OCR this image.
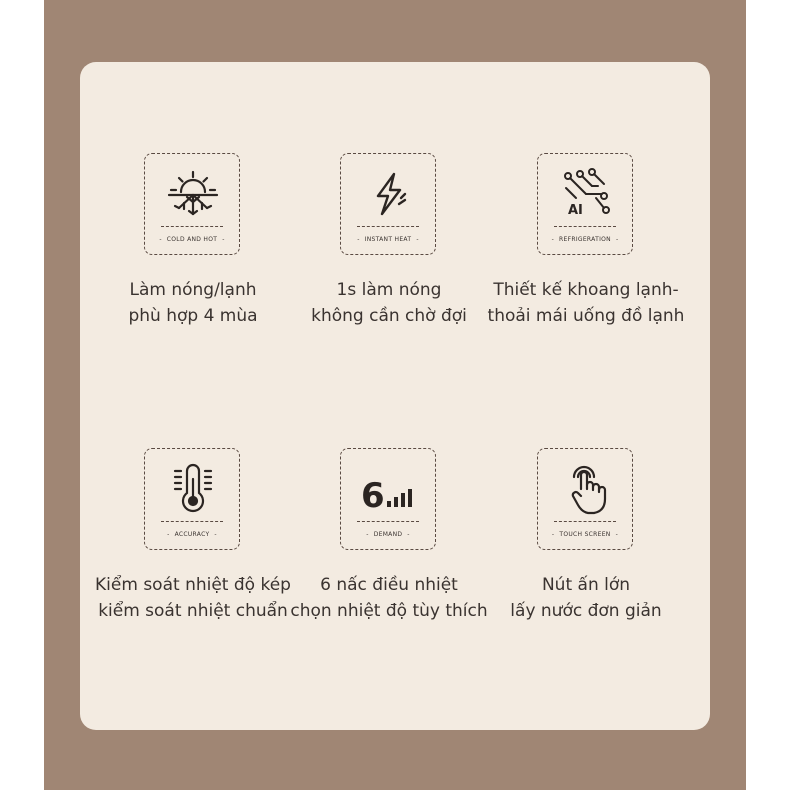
- COLD AND HOT -
Làm nóng/lạnh
phù hợp 4 mùa
- INSTANT HEAT -
1s làm nóng
không cần chờ đợi
AI
- REFRIGERATION -
Thiết kế khoang lạnh-
thoải mái uống đồ lạnh
- ACCURACY -
Kiểm soát nhiệt độ kép
kiểm soát nhiệt chuẩn
6
- DEMAND -
6 nấc điều nhiệt
chọn nhiệt độ tùy thích
- TOUCH SCREEN -
Nút ấn lớn
lấy nước đơn giản
